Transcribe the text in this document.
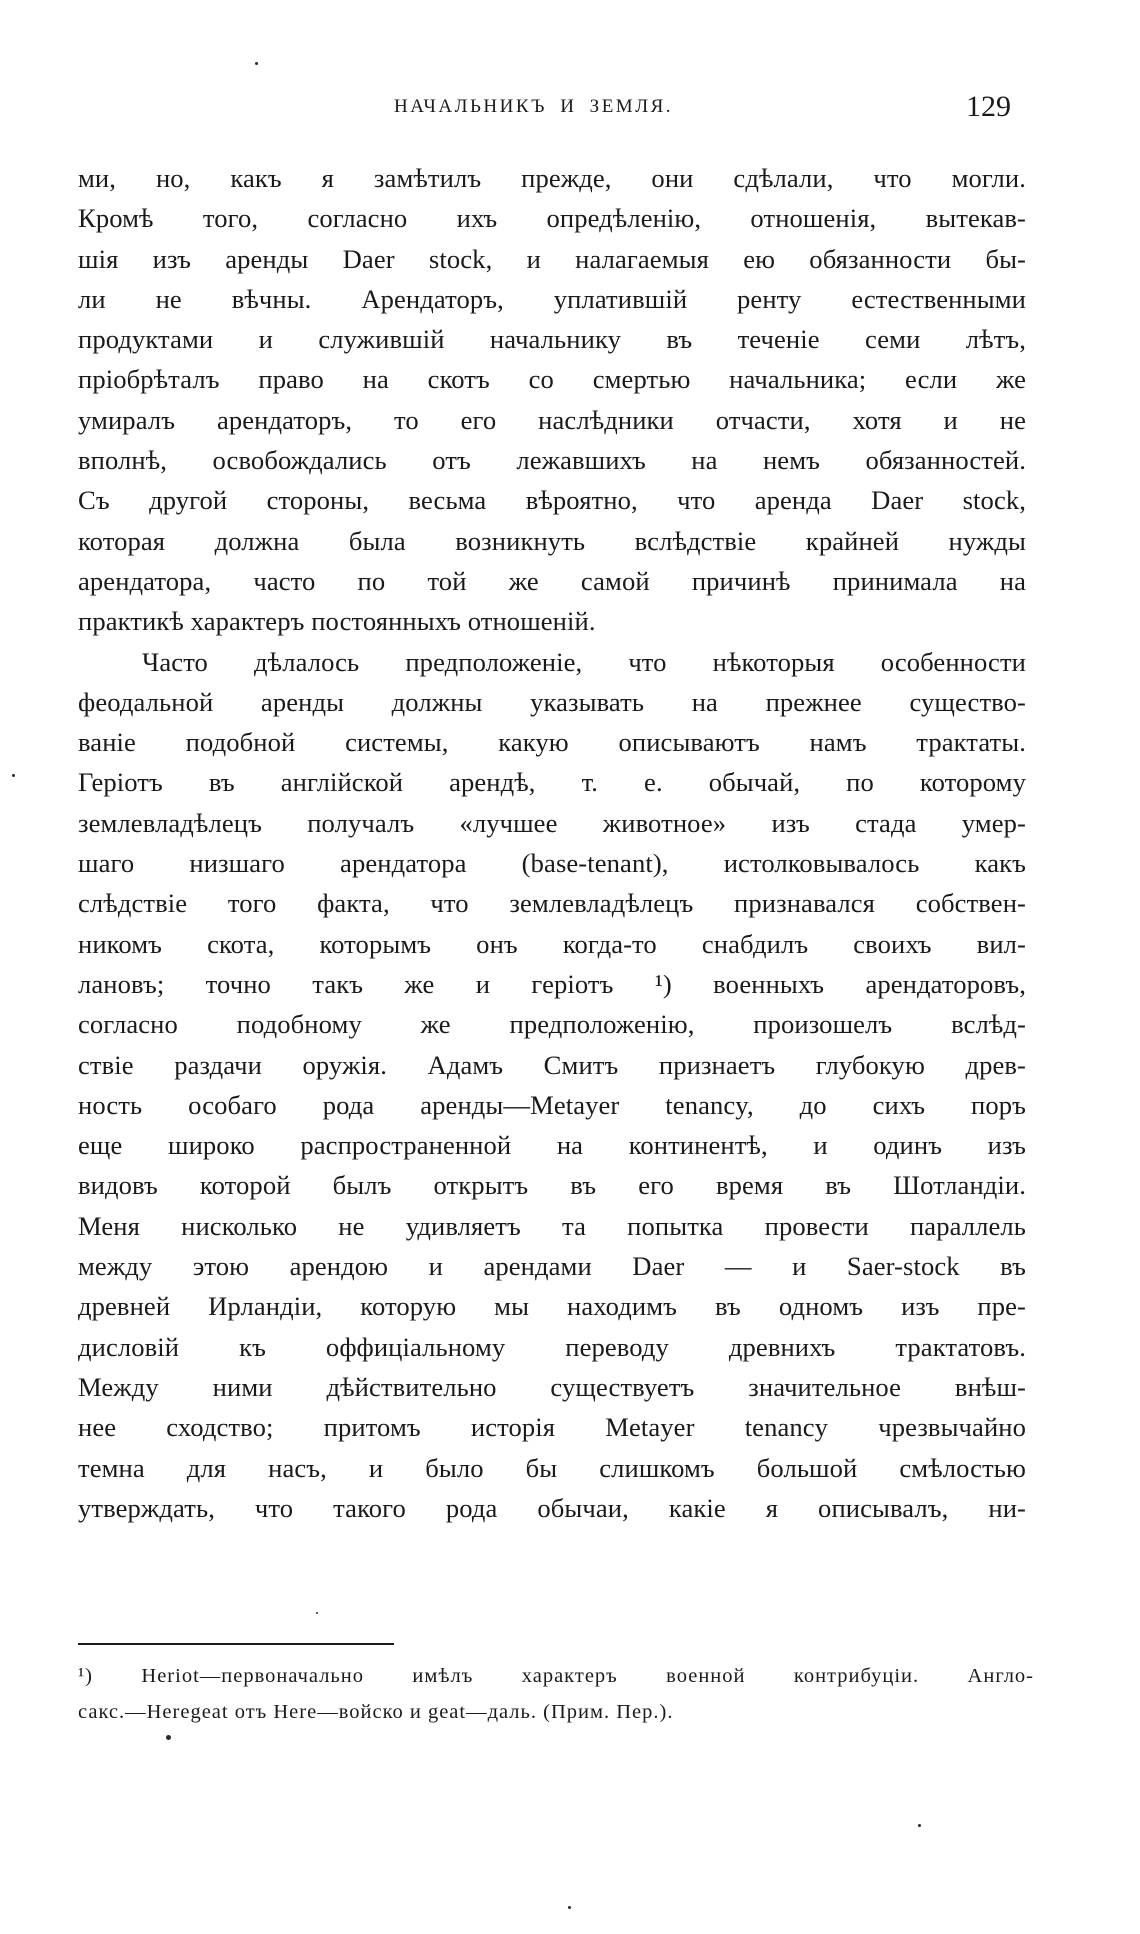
НАЧАЛЬНИКЪ И ЗЕМЛЯ.	129
ми, но, какъ я замѣтилъ прежде, они сдѣлали, что могли.
Кромѣ того, согласно ихъ опредѣленію, отношенія, вытекав-
шія изъ аренды Daer stock, и налагаемыя ею обязанности бы-
ли не вѣчны. Арендаторъ, уплатившій ренту естественными
продуктами и служившій начальнику въ теченіе семи лѣтъ,
пріобрѣталъ право на скотъ со смертью начальника; если же
умиралъ арендаторъ, то его наслѣдники отчасти, хотя и не
вполнѣ, освобождались отъ лежавшихъ на немъ обязанностей.
Съ другой стороны, весьма вѣроятно, что аренда Daer stock,
которая должна была возникнуть вслѣдствіе крайней нужды
арендатора, часто по той же самой причинѣ принимала на
практикѣ характеръ постоянныхъ отношеній.
Часто дѣлалось предположеніе, что нѣкоторыя особенности
феодальной аренды должны указывать на прежнее существо-
ваніе подобной системы, какую описываютъ намъ трактаты.
Геріотъ въ англійской арендѣ, т. е. обычай, по которому
землевладѣлецъ получалъ «лучшее животное» изъ стада умер-
шаго низшаго арендатора (base-tenant), истолковывалось какъ
слѣдствіе того факта, что землевладѣлецъ признавался собствен-
никомъ скота, которымъ онъ когда-то снабдилъ своихъ вил-
лановъ; точно такъ же и геріотъ ¹) военныхъ арендаторовъ,
согласно подобному же предположенію, произошелъ вслѣд-
ствіе раздачи оружія. Адамъ Смитъ признаетъ глубокую древ-
ность особаго рода аренды—Metayer tenancy, до сихъ поръ
еще широко распространенной на континентѣ, и одинъ изъ
видовъ которой былъ открытъ въ его время въ Шотландіи.
Меня нисколько не удивляетъ та попытка провести параллель
между этою арендою и арендами Daer — и Saer-stock въ
древней Ирландіи, которую мы находимъ въ одномъ изъ пре-
дисловій къ оффиціальному переводу древнихъ трактатовъ.
Между ними дѣйствительно существуетъ значительное внѣш-
нее сходство; притомъ исторія Metayer tenancy чрезвычайно
темна для насъ, и было бы слишкомъ большой смѣлостью
утверждать, что такого рода обычаи, какіе я описывалъ, ни-
¹) Heriot—первоначально имѣлъ характеръ военной контрибуціи. Англо-
сакс.—Heregeat отъ Here—войско и geat—даль. (Прим. Пер.).
